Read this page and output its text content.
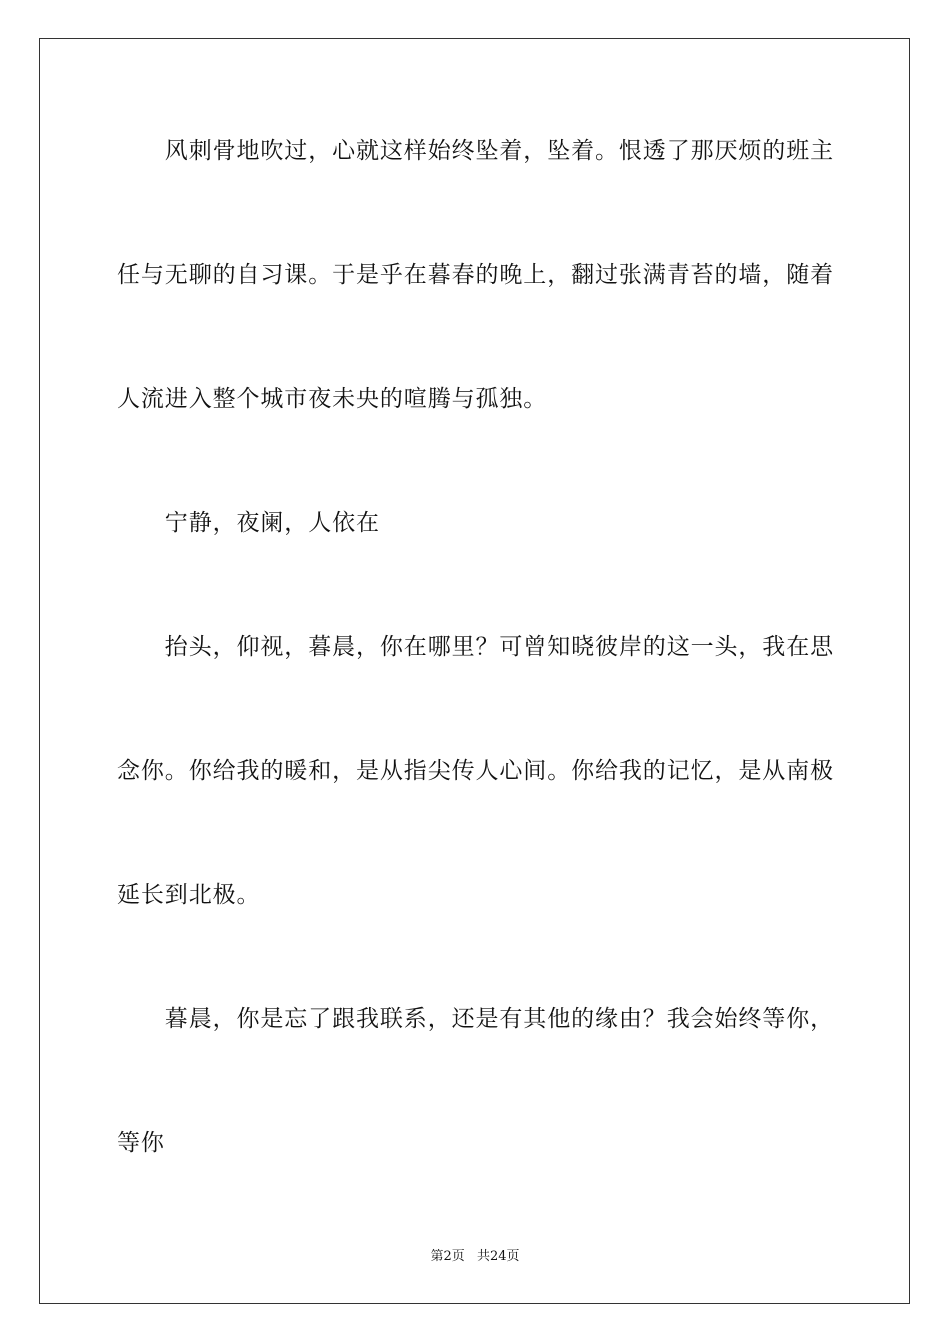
　　风刺骨地吹过，心就这样始终坠着，坠着。恨透了那厌烦的班主
任与无聊的自习课。于是乎在暮春的晚上，翻过张满青苔的墙，随着
人流进入整个城市夜未央的喧腾与孤独。
　　宁静，夜阑，人依在
　　抬头，仰视，暮晨，你在哪里？可曾知晓彼岸的这一头，我在思
念你。你给我的暖和，是从指尖传人心间。你给我的记忆，是从南极
延长到北极。
　　暮晨，你是忘了跟我联系，还是有其他的缘由？我会始终等你，
等你
第2页 共24页
